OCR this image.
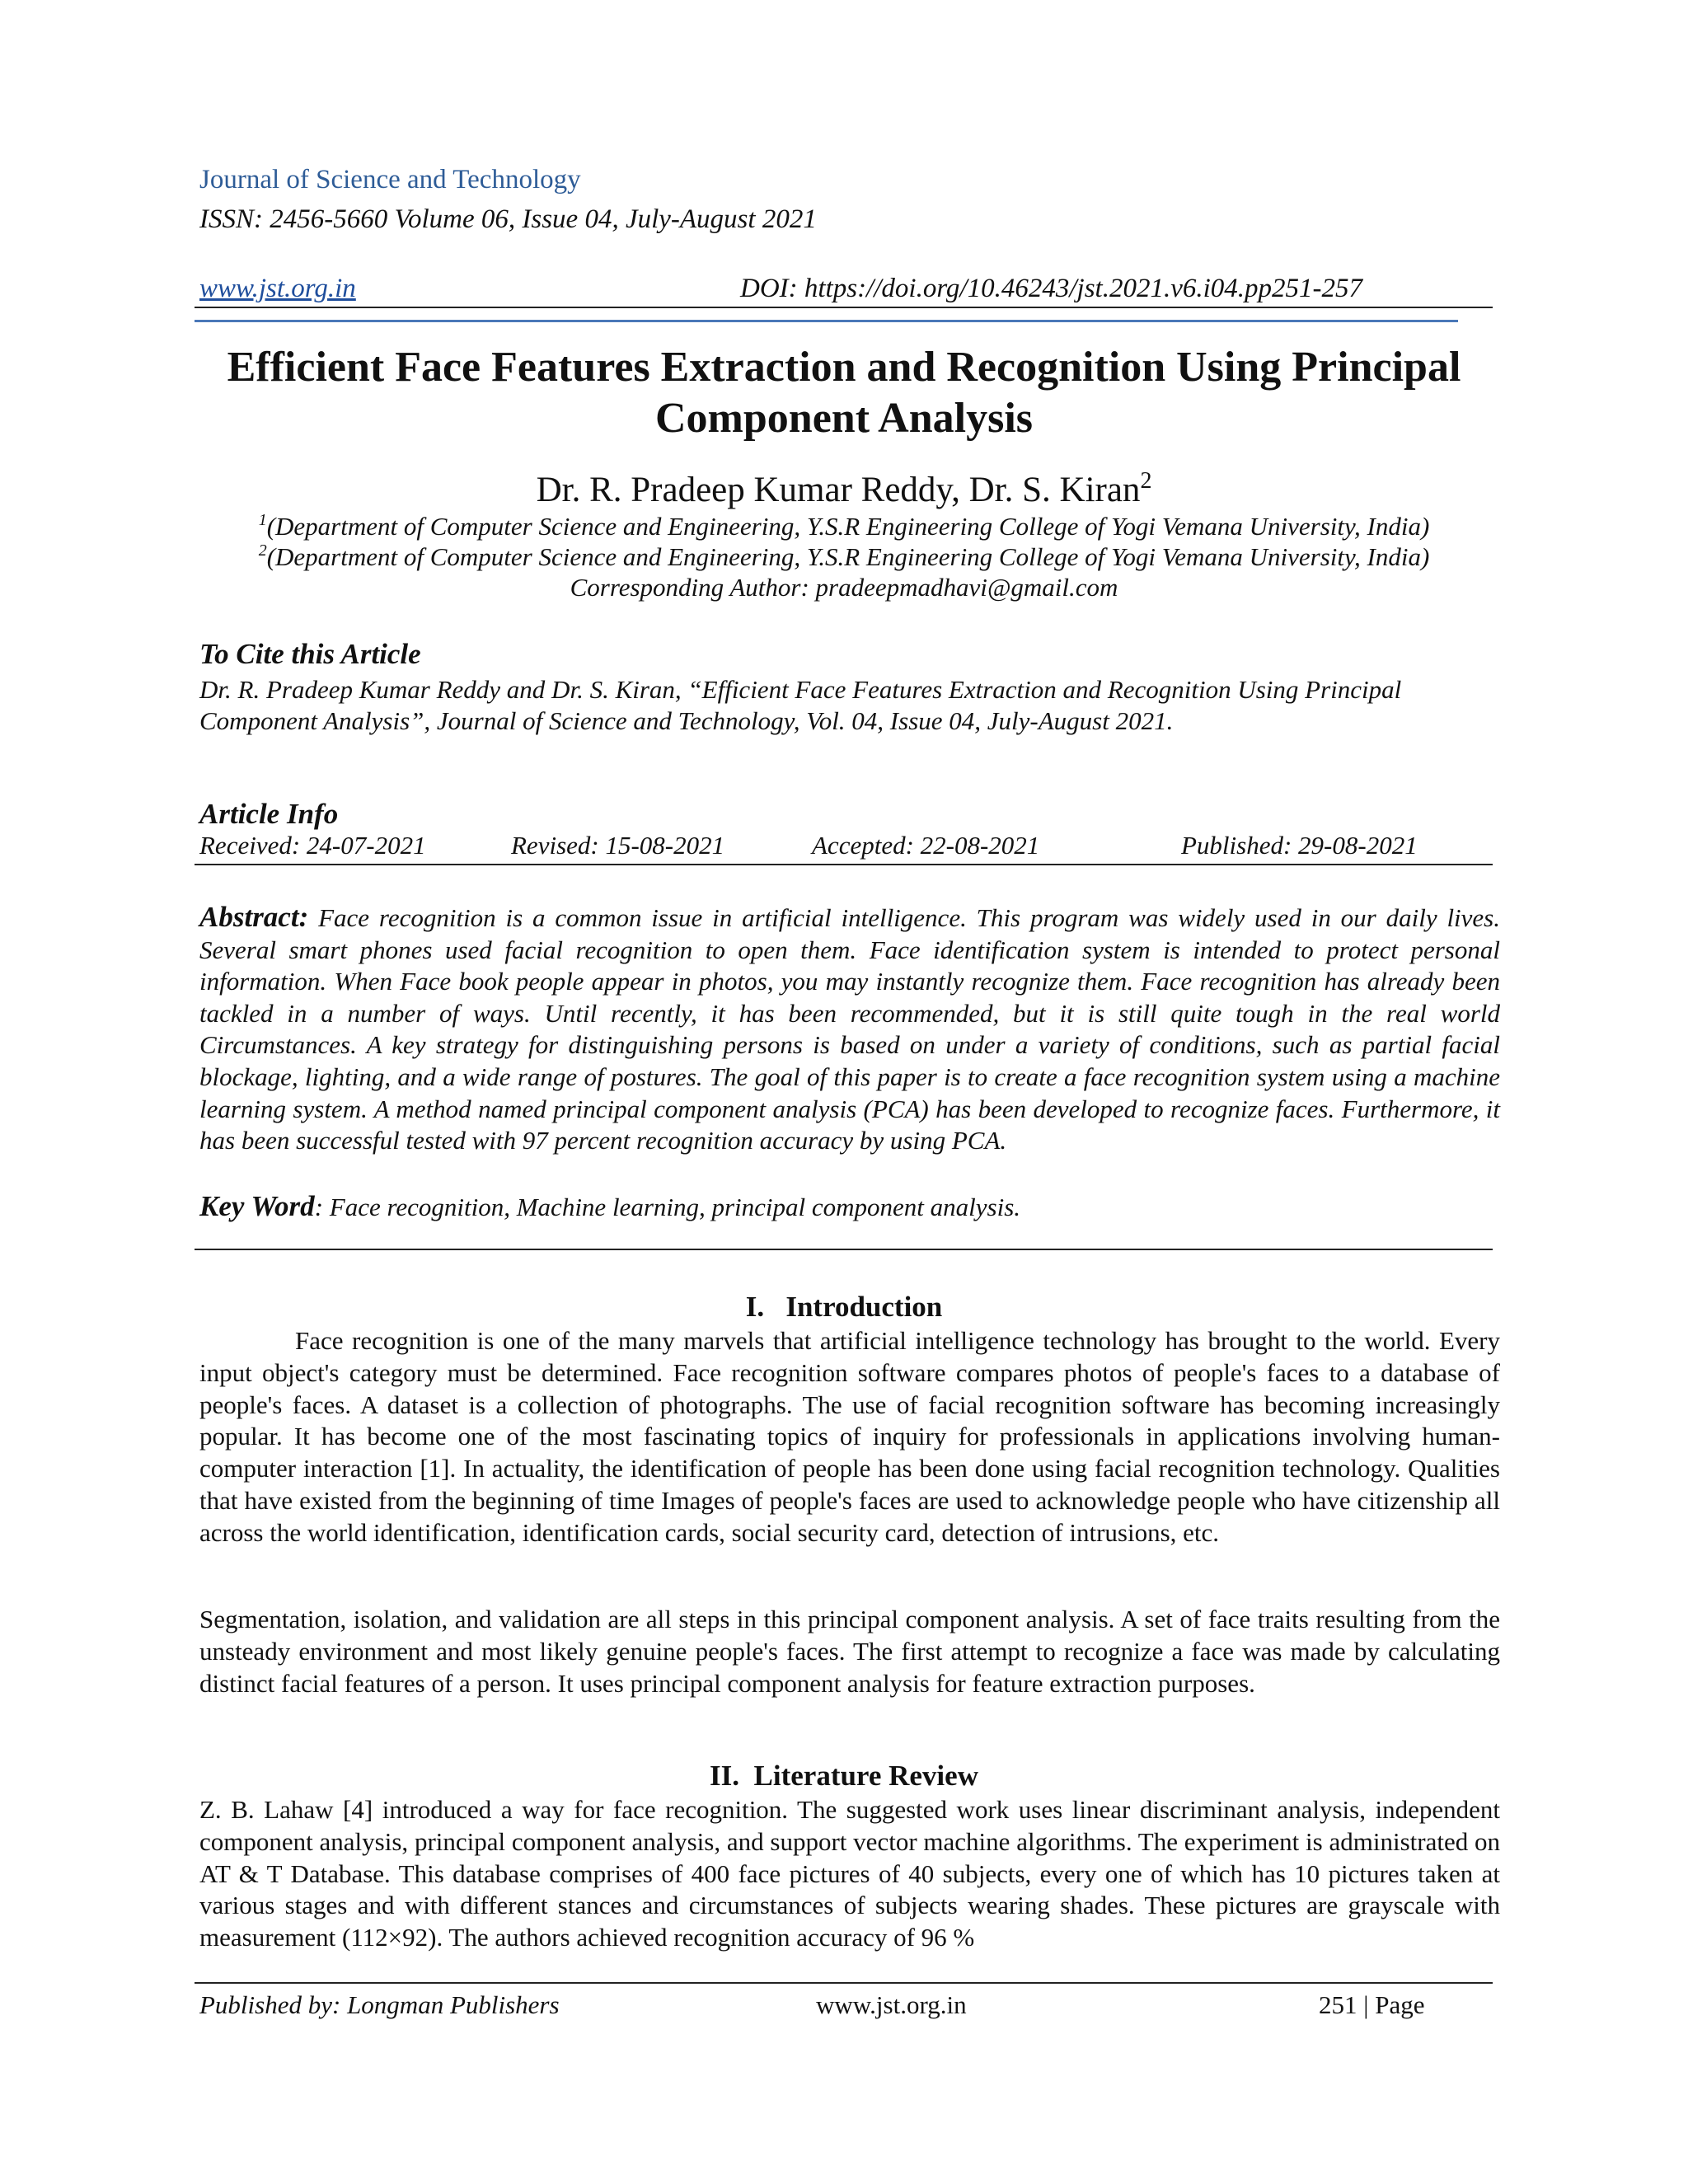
Journal of Science and Technology
ISSN: 2456-5660 Volume 06, Issue 04, July-August 2021
www.jst.org.in	DOI: https://doi.org/10.46243/jst.2021.v6.i04.pp251-257
Efficient Face Features Extraction and Recognition Using Principal Component Analysis
Dr. R. Pradeep Kumar Reddy, Dr. S. Kiran$^2$
$^1$(Department of Computer Science and Engineering, Y.S.R Engineering College of Yogi Vemana University, India)
$^2$(Department of Computer Science and Engineering, Y.S.R Engineering College of Yogi Vemana University, India)
Corresponding Author: pradeepmadhavi@gmail.com
To Cite this Article
Dr. R. Pradeep Kumar Reddy and Dr. S. Kiran, “Efficient Face Features Extraction and Recognition Using Principal Component Analysis”, Journal of Science and Technology, Vol. 04, Issue 04, July-August 2021.
Article Info
Received: 24-07-2021	Revised: 15-08-2021	Accepted: 22-08-2021	Published: 29-08-2021
Abstract: Face recognition is a common issue in artificial intelligence. This program was widely used in our daily lives. Several smart phones used facial recognition to open them. Face identification system is intended to protect personal information. When Face book people appear in photos, you may instantly recognize them. Face recognition has already been tackled in a number of ways. Until recently, it has been recommended, but it is still quite tough in the real world Circumstances. A key strategy for distinguishing persons is based on under a variety of conditions, such as partial facial blockage, lighting, and a wide range of postures. The goal of this paper is to create a face recognition system using a machine learning system. A method named principal component analysis (PCA) has been developed to recognize faces. Furthermore, it has been successful tested with 97 percent recognition accuracy by using PCA.
Key Word: Face recognition, Machine learning, principal component analysis.
I.   Introduction
Face recognition is one of the many marvels that artificial intelligence technology has brought to the world. Every input object's category must be determined. Face recognition software compares photos of people's faces to a database of people's faces. A dataset is a collection of photographs. The use of facial recognition software has becoming increasingly popular. It has become one of the most fascinating topics of inquiry for professionals in applications involving human-computer interaction [1]. In actuality, the identification of people has been done using facial recognition technology. Qualities that have existed from the beginning of time Images of people's faces are used to acknowledge people who have citizenship all across the world identification, identification cards, social security card, detection of intrusions, etc.
Segmentation, isolation, and validation are all steps in this principal component analysis. A set of face traits resulting from the unsteady environment and most likely genuine people's faces. The first attempt to recognize a face was made by calculating distinct facial features of a person. It uses principal component analysis for feature extraction purposes.
II.  Literature Review
Z. B. Lahaw [4] introduced a way for face recognition. The suggested work uses linear discriminant analysis, independent component analysis, principal component analysis, and support vector machine algorithms. The experiment is administrated on AT & T Database. This database comprises of 400 face pictures of 40 subjects, every one of which has 10 pictures taken at various stages and with different stances and circumstances of subjects wearing shades. These pictures are grayscale with measurement (112×92). The authors achieved recognition accuracy of 96 %
Published by: Longman Publishers	www.jst.org.in	251 | Page
